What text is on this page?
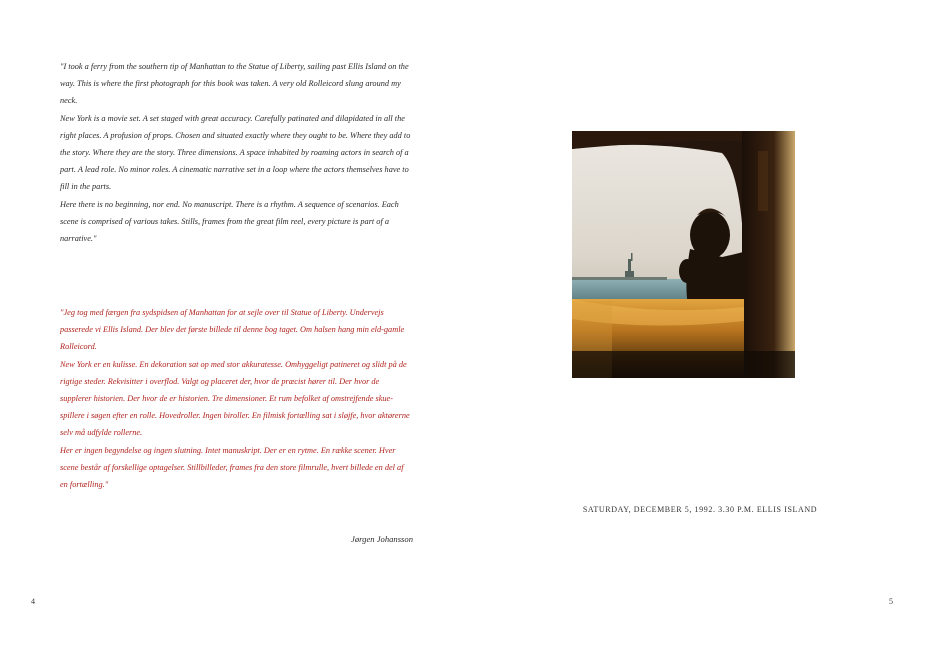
"I took a ferry from the southern tip of Manhattan to the Statue of Liberty, sailing past Ellis Island on the way. This is where the first photograph for this book was taken. A very old Rolleicord slung around my neck.

New York is a movie set. A set staged with great accuracy. Carefully patinated and dilapidated in all the right places. A profusion of props. Chosen and situated exactly where they ought to be. Where they add to the story. Where they are the story. Three dimensions. A space inhabited by roaming actors in search of a part. A lead role. No minor roles. A cinematic narrative set in a loop where the actors themselves have to fill in the parts.

Here there is no beginning, nor end. No manuscript. There is a rhythm. A sequence of scenarios. Each scene is comprised of various takes. Stills, frames from the great film reel, every picture is part of a narrative."

"Jeg tog med færgen fra sydspidsen af Manhattan for at sejle over til Statue of Liberty. Undervejs passerede vi Ellis Island. Der blev det første billede til denne bog taget. Om halsen hang min eld-gamle Rolleicord.

New York er en kulisse. En dekoration sat op med stor akkuratesse. Omhyggeligt patineret og slidt på de rigtige steder. Rekvisitter i overflod. Valgt og placeret der, hvor de præcist hører til. Der hvor de supplerer historien. Der hvor de er historien. Tre dimensioner. Et rum befolket af omstrejfende skue-spillere i søgen efter en rolle. Hovedroller. Ingen biroller. En filmisk fortælling sat i sløjfe, hvor aktørerne selv må udfylde rollerne.

Her er ingen begyndelse og ingen slutning. Intet manuskript. Der er en rytme. En række scener. Hver scene består af forskellige optagelser. Stillbilleder, frames fra den store filmrulle, hvert billede en del af en fortælling."

Jørgen Johansson
4
SATURDAY, DECEMBER 5, 1992. 3.30 P.M. ELLIS ISLAND
5
